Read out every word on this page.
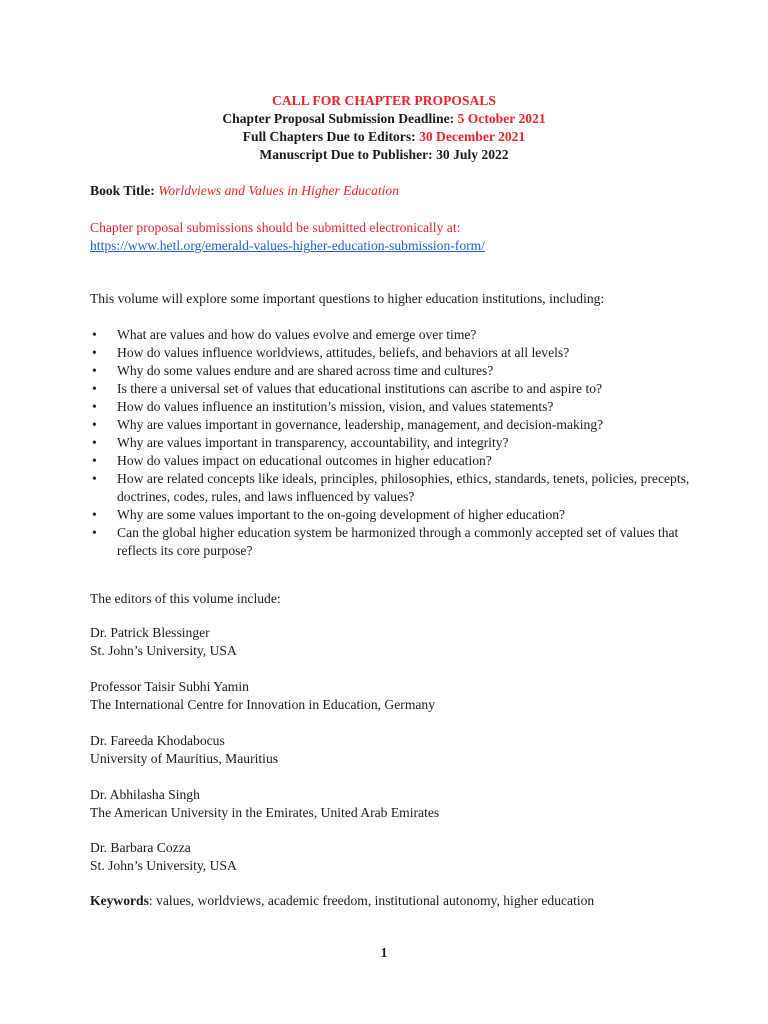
CALL FOR CHAPTER PROPOSALS
Chapter Proposal Submission Deadline: 5 October 2021
Full Chapters Due to Editors: 30 December 2021
Manuscript Due to Publisher: 30 July 2022
Book Title: Worldviews and Values in Higher Education
Chapter proposal submissions should be submitted electronically at:
https://www.hetl.org/emerald-values-higher-education-submission-form/
This volume will explore some important questions to higher education institutions, including:
• What are values and how do values evolve and emerge over time?
• How do values influence worldviews, attitudes, beliefs, and behaviors at all levels?
• Why do some values endure and are shared across time and cultures?
• Is there a universal set of values that educational institutions can ascribe to and aspire to?
• How do values influence an institution’s mission, vision, and values statements?
• Why are values important in governance, leadership, management, and decision-making?
• Why are values important in transparency, accountability, and integrity?
• How do values impact on educational outcomes in higher education?
• How are related concepts like ideals, principles, philosophies, ethics, standards, tenets, policies, precepts, doctrines, codes, rules, and laws influenced by values?
• Why are some values important to the on-going development of higher education?
• Can the global higher education system be harmonized through a commonly accepted set of values that reflects its core purpose?
The editors of this volume include:
Dr. Patrick Blessinger
St. John’s University, USA
Professor Taisir Subhi Yamin
The International Centre for Innovation in Education, Germany
Dr. Fareeda Khodabocus
University of Mauritius, Mauritius
Dr. Abhilasha Singh
The American University in the Emirates, United Arab Emirates
Dr. Barbara Cozza
St. John’s University, USA
Keywords: values, worldviews, academic freedom, institutional autonomy, higher education
1
